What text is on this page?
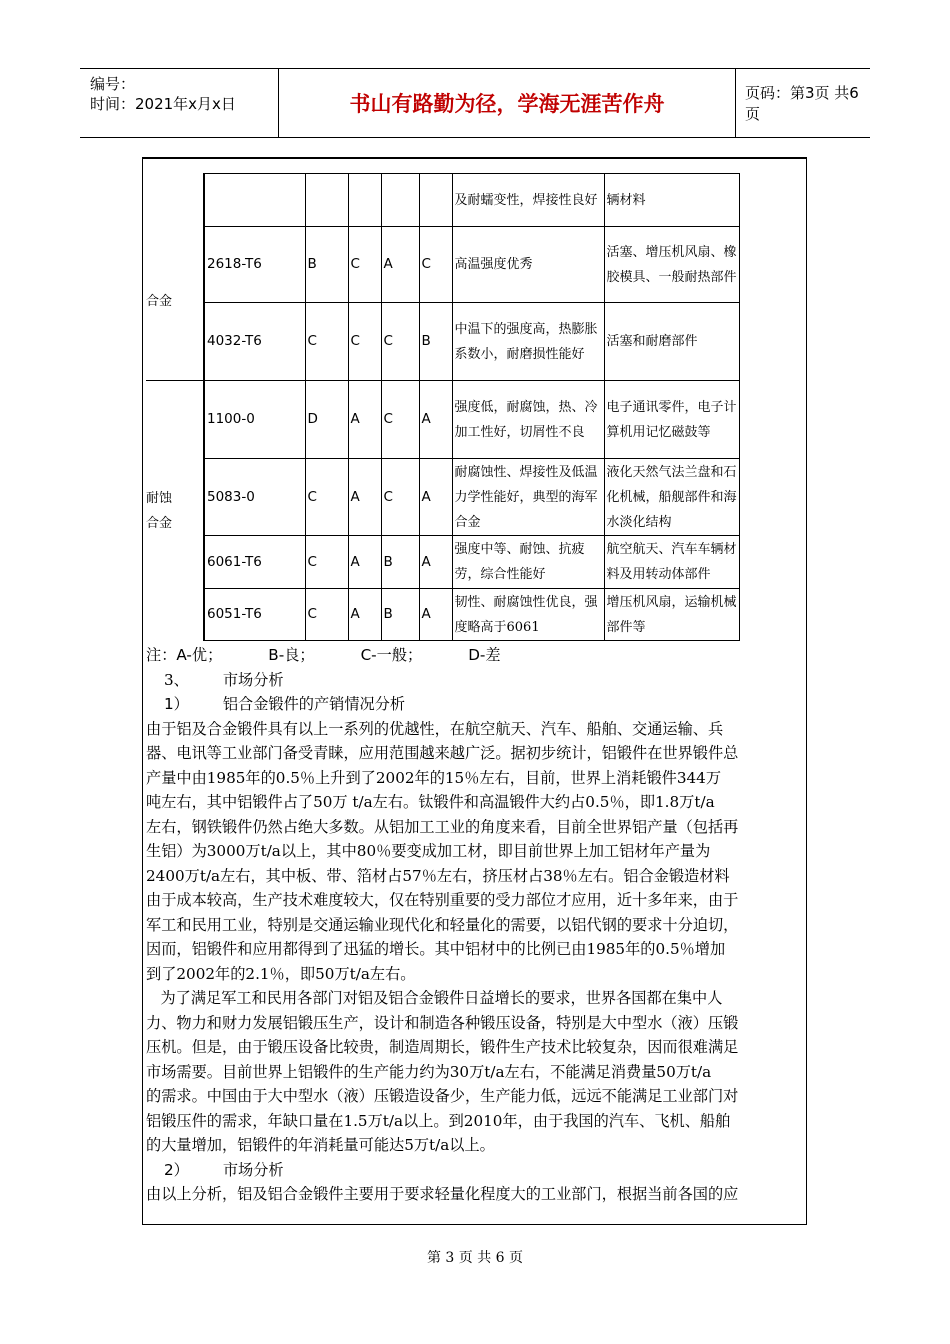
编号：
时间：2021年x月x日	书山有路勤为径，学海无涯苦作舟	页码：第3页 共6页
合金						及耐蠕变性，焊接性良好	辆材料
	2618-T6	B	C	A	C	高温强度优秀	活塞、增压机风扇、橡胶模具、一般耐热部件
	4032-T6	C	C	C	B	中温下的强度高，热膨胀系数小，耐磨损性能好	活塞和耐磨部件

耐蚀合金	1100-0	D	A	C	A	强度低，耐腐蚀，热、冷加工性好，切屑性不良	电子通讯零件，电子计算机用记忆磁鼓等
	5083-0	C	A	C	A	耐腐蚀性、焊接性及低温力学性能好，典型的海军合金	液化天然气法兰盘和石化机械，船舰部件和海水淡化结构
	6061-T6	C	A	B	A	强度中等、耐蚀、抗疲劳，综合性能好	航空航天、汽车车辆材料及用转动体部件
	6051-T6	C	A	B	A	韧性、耐腐蚀性优良，强度略高于6061	增压机风扇，运输机械部件等

注：A-优；	B-良；	C-一般；	D-差

3、 市场分析

1） 铝合金锻件的产销情况分析

由于铝及合金锻件具有以上一系列的优越性，在航空航天、汽车、船舶、交通运输、兵

器、电讯等工业部门备受青睐，应用范围越来越广泛。据初步统计，铝锻件在世界锻件总

产量中由1985年的0.5％上升到了2002年的15％左右，目前，世界上消耗锻件344万

吨左右，其中铝锻件占了50万 t/a左右。钛锻件和高温锻件大约占0.5％，即1.8万t/a

左右，钢铁锻件仍然占绝大多数。从铝加工工业的角度来看，目前全世界铝产量（包括再

生铝）为3000万t/a以上，其中80％要变成加工材，即目前世界上加工铝材年产量为

2400万t/a左右，其中板、带、箔材占57％左右，挤压材占38％左右。铝合金锻造材料

由于成本较高，生产技术难度较大，仅在特别重要的受力部位才应用，近十多年来，由于

军工和民用工业，特别是交通运输业现代化和轻量化的需要，以铝代钢的要求十分迫切，

因而，铝锻件和应用都得到了迅猛的增长。其中铝材中的比例已由1985年的0.5％增加

到了2002年的2.1％，即50万t/a左右。

为了满足军工和民用各部门对铝及铝合金锻件日益增长的要求，世界各国都在集中人

力、物力和财力发展铝锻压生产，设计和制造各种锻压设备，特别是大中型水（液）压锻

压机。但是，由于锻压设备比较贵，制造周期长，锻件生产技术比较复杂，因而很难满足

市场需要。目前世界上铝锻件的生产能力约为30万t/a左右，不能满足消费量50万t/a

的需求。中国由于大中型水（液）压锻造设备少，生产能力低，远远不能满足工业部门对

铝锻压件的需求，年缺口量在1.5万t/a以上。到2010年，由于我国的汽车、飞机、船舶

的大量增加，铝锻件的年消耗量可能达5万t/a以上。

2） 市场分析

由以上分析，铝及铝合金锻件主要用于要求轻量化程度大的工业部门，根据当前各国的应

第 3 页 共 6 页
